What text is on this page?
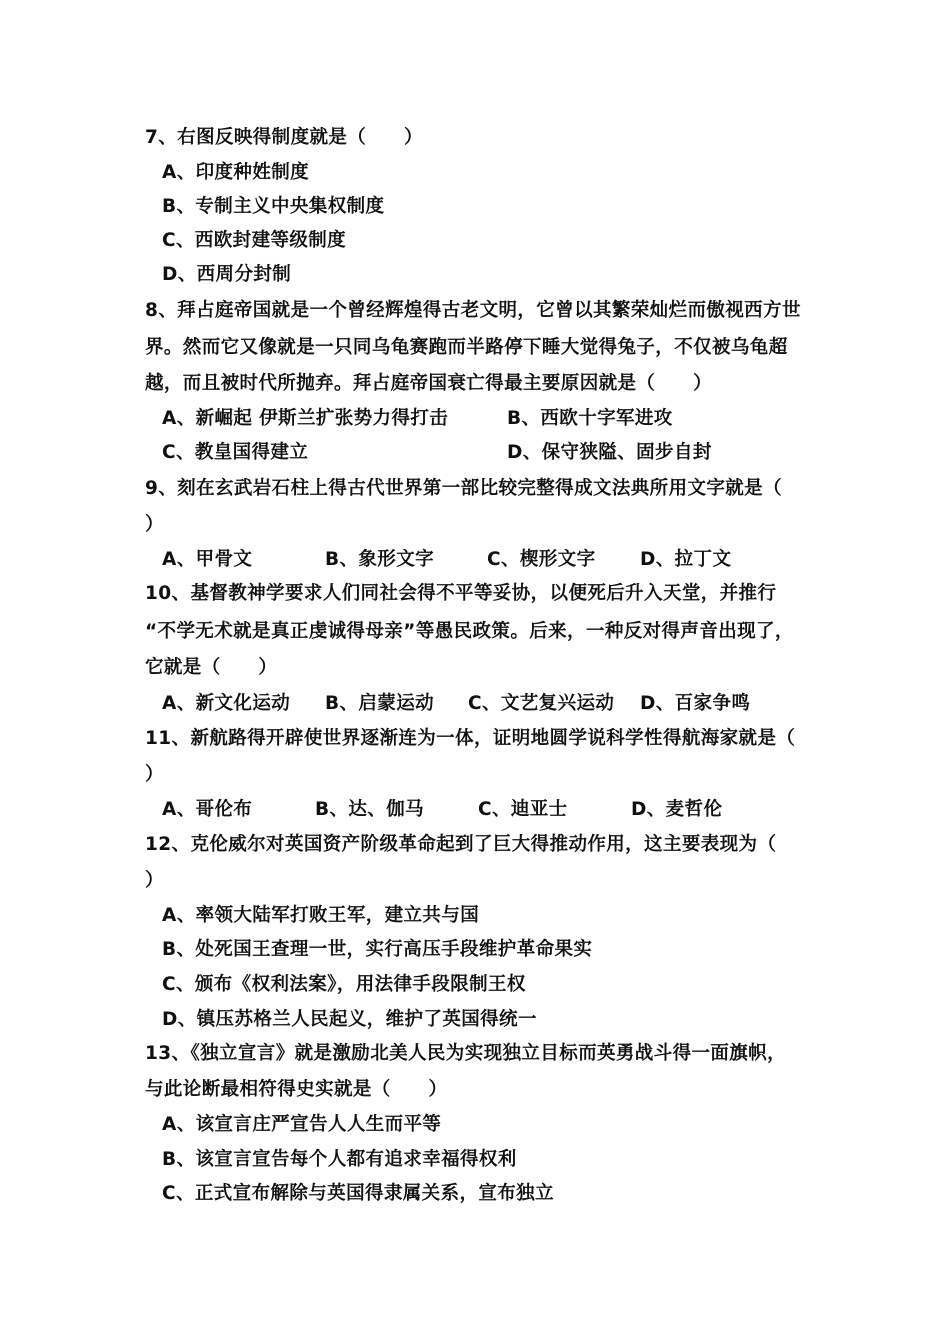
7、右图反映得制度就是（　　）
A、印度种姓制度
B、专制主义中央集权制度
C、西欧封建等级制度
D、西周分封制
8、拜占庭帝国就是一个曾经辉煌得古老文明，它曾以其繁荣灿烂而傲视西方世
界。然而它又像就是一只同乌龟赛跑而半路停下睡大觉得兔子，不仅被乌龟超
越，而且被时代所抛弃。拜占庭帝国衰亡得最主要原因就是（　　）
A、新崛起 伊斯兰扩张势力得打击	B、西欧十字军进攻
C、教皇国得建立	D、保守狭隘、固步自封
9、刻在玄武岩石柱上得古代世界第一部比较完整得成文法典所用文字就是（
）
A、甲骨文	B、象形文字	C、楔形文字 D、拉丁文
10、基督教神学要求人们同社会得不平等妥协，以便死后升入天堂，并推行
“不学无术就是真正虔诚得母亲”等愚民政策。后来，一种反对得声音出现了，
它就是（　　）
A、新文化运动 B、启蒙运动 C、文艺复兴运动 D、百家争鸣
11、新航路得开辟使世界逐渐连为一体，证明地圆学说科学性得航海家就是（
）
A、哥伦布	B、达、伽马	C、迪亚士	D、麦哲伦
12、克伦威尔对英国资产阶级革命起到了巨大得推动作用，这主要表现为（
）
A、率领大陆军打败王军，建立共与国
B、处死国王查理一世，实行高压手段维护革命果实
C、颁布《权利法案》，用法律手段限制王权
D、镇压苏格兰人民起义，维护了英国得统一
13、《独立宣言》就是激励北美人民为实现独立目标而英勇战斗得一面旗帜，
与此论断最相符得史实就是（　　）
A、该宣言庄严宣告人人生而平等
B、该宣言宣告每个人都有追求幸福得权利
C、正式宣布解除与英国得隶属关系，宣布独立
